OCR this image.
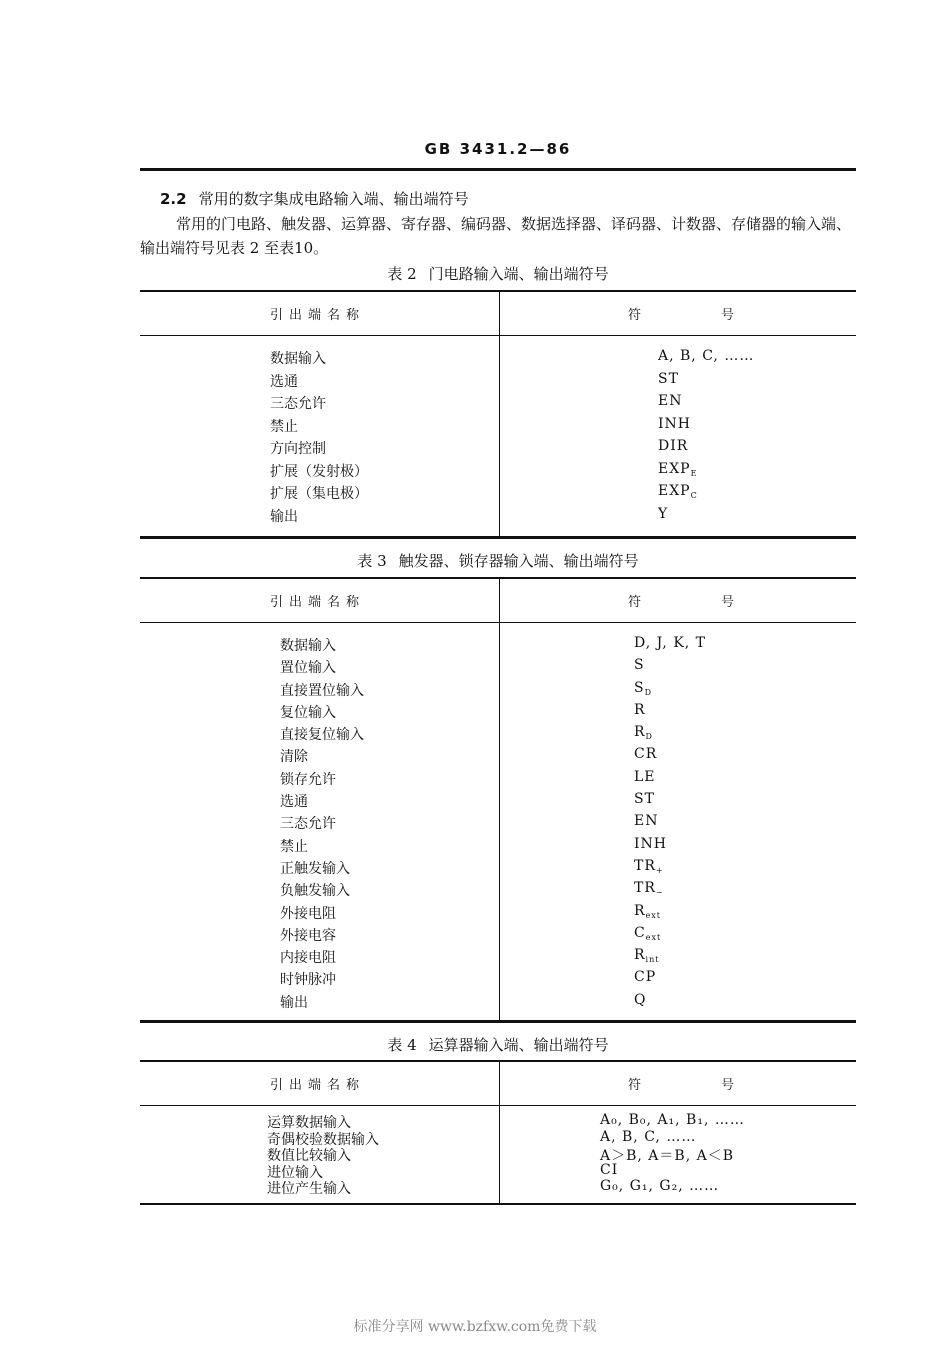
GB 3431.2—86
2.2 常用的数字集成电路输入端、输出端符号
常用的门电路、触发器、运算器、寄存器、编码器、数据选择器、译码器、计数器、存储器的输入端、输出端符号见表 2 至表10。
表 2 门电路输入端、输出端符号
引出端名称	符	号
数据输入	A, B, C, ……
选通	ST
三态允许	EN
禁止	INH
方向控制	DIR
扩展（发射极）	$EXP_E$
扩展（集电极）	$EXP_C$
输出	Y
表 3 触发器、锁存器输入端、输出端符号
引出端名称	符	号
数据输入	D, J, K, T
置位输入	S
直接置位输入	$S_D$
复位输入	R
直接复位输入	$R_D$
清除	CR
锁存允许	LE
选通	ST
三态允许	EN
禁止	INH
正触发输入	$TR_+$
负触发输入	$TR_-$
外接电阻	$R_{ext}$
外接电容	$C_{ext}$
内接电阻	$R_{int}$
时钟脉冲	CP
输出	Q
表 4 运算器输入端、输出端符号
引出端名称	符	号
运算数据输入	A₀, B₀, A₁, B₁, ……
奇偶校验数据输入	A, B, C, ……
数值比较输入	A＞B, A＝B, A＜B
进位输入	CI
进位产生输入	G₀, G₁, G₂, ……
标准分享网 www.bzfxw.com免费下载
